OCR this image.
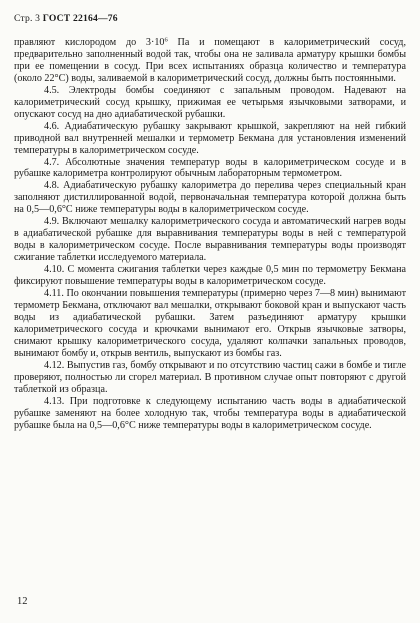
Стр. 3 ГОСТ 22164—76

правляют кислородом до $3\cdot 10^6$ Па и помещают в калориметрический сосуд, предварительно заполненный водой так, чтобы она не заливала арматуру крышки бомбы при ее помещении в сосуд. При всех испытаниях образца количество и температура (около 22°С) воды, заливаемой в калориметрический сосуд, должны быть постоянными.

4.5. Электроды бомбы соединяют с запальным проводом. Надевают на калориметрический сосуд крышку, прижимая ее четырьмя язычковыми затворами, и опускают сосуд на дно адиабатической рубашки.

4.6. Адиабатическую рубашку закрывают крышкой, закрепляют на ней гибкий приводной вал внутренней мешалки и термометр Бекмана для установления изменений температуры в калориметрическом сосуде.

4.7. Абсолютные значения температур воды в калориметрическом сосуде и в рубашке калориметра контролируют обычным лабораторным термометром.

4.8. Адиабатическую рубашку калориметра до перелива через специальный кран заполняют дистиллированной водой, первоначальная температура которой должна быть на 0,5—0,6°С ниже температуры воды в калориметрическом сосуде.

4.9. Включают мешалку калориметрического сосуда и автоматический нагрев воды в адиабатической рубашке для выравнивания температуры воды в ней с температурой воды в калориметрическом сосуде. После выравнивания температуры воды производят сжигание таблетки исследуемого материала.

4.10. С момента сжигания таблетки через каждые 0,5 мин по термометру Бекмана фиксируют повышение температуры воды в калориметрическом сосуде.

4.11. По окончании повышения температуры (примерно через 7—8 мин) вынимают термометр Бекмана, отключают вал мешалки, открывают боковой кран и выпускают часть воды из адиабатической рубашки. Затем разъединяют арматуру крышки калориметрического сосуда и крючками вынимают его. Открыв язычковые затворы, снимают крышку калориметрического сосуда, удаляют колпачки запальных проводов, вынимают бомбу и, открыв вентиль, выпускают из бомбы газ.

4.12. Выпустив газ, бомбу открывают и по отсутствию частиц сажи в бомбе и тигле проверяют, полностью ли сгорел материал. В противном случае опыт повторяют с другой таблеткой из образца.

4.13. При подготовке к следующему испытанию часть воды в адиабатической рубашке заменяют на более холодную так, чтобы температура воды в адиабатической рубашке была на 0,5—0,6°С ниже температуры воды в калориметрическом сосуде.

12
